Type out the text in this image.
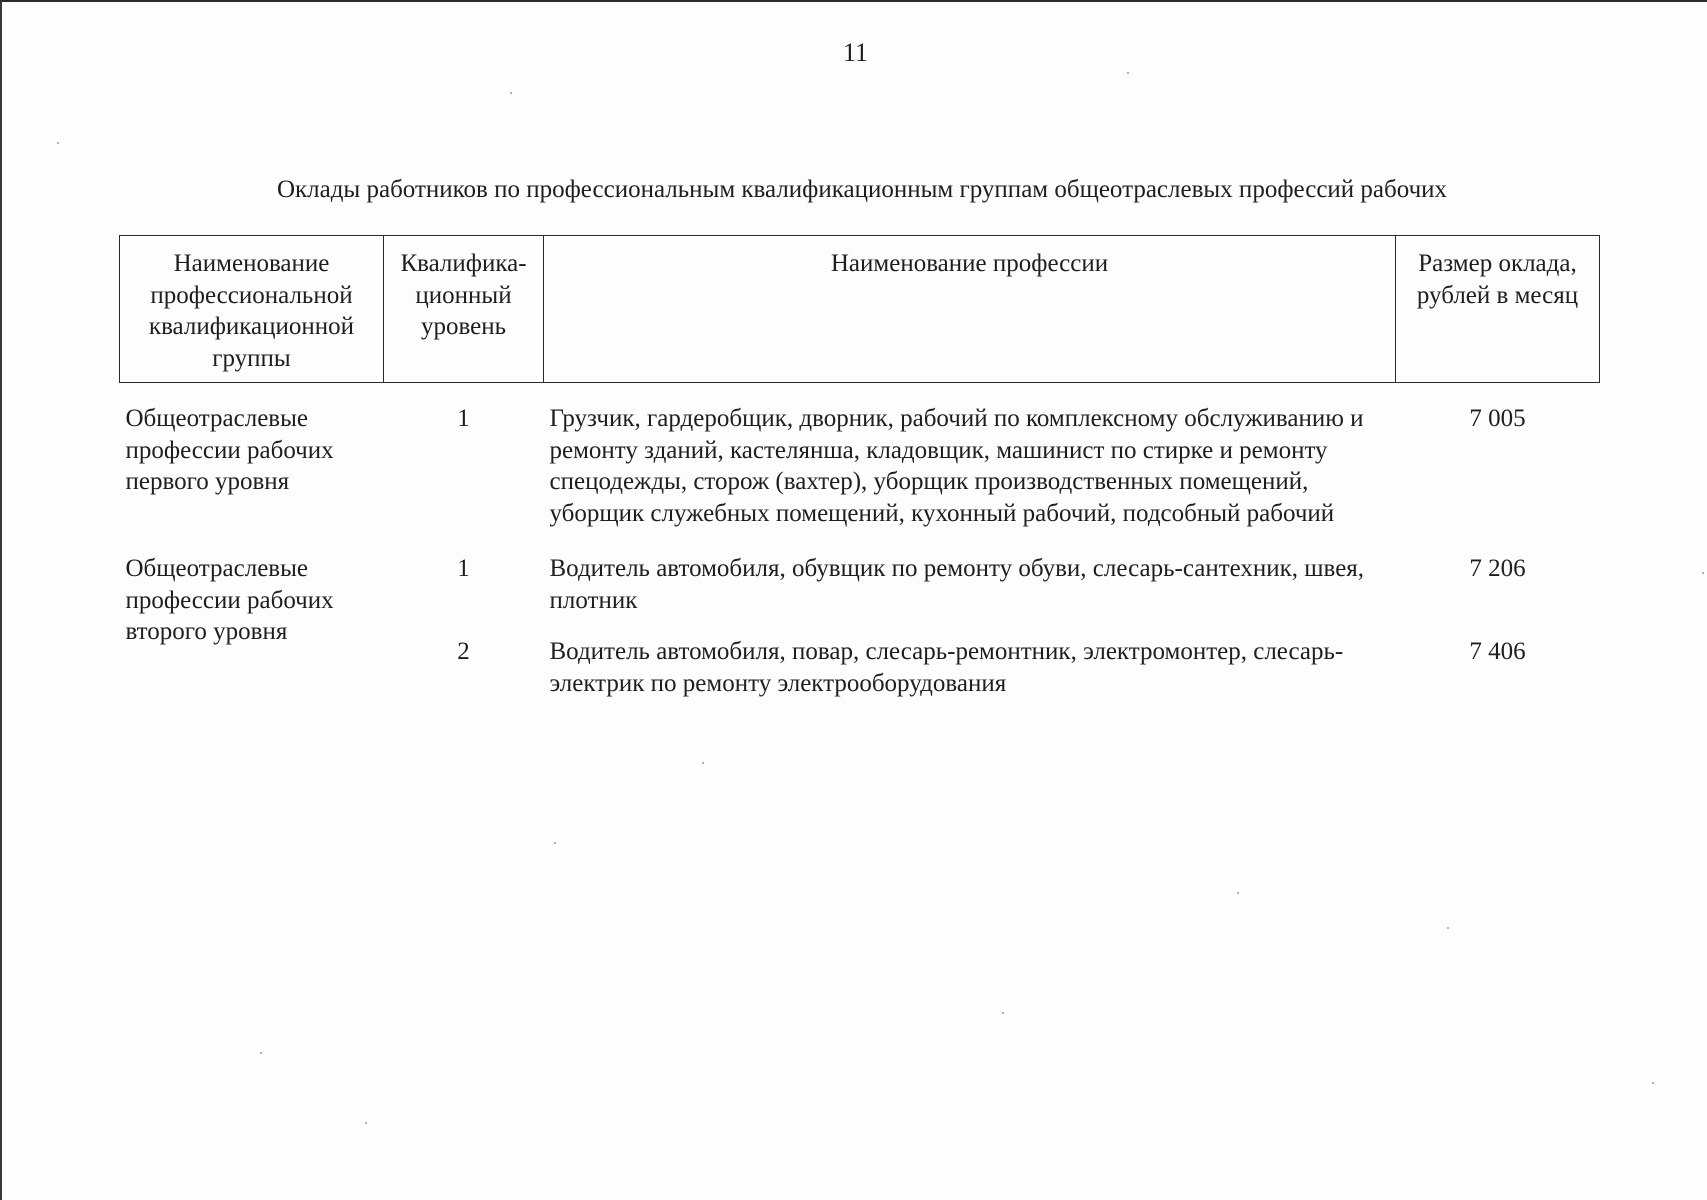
11
Оклады работников по профессиональным квалификационным группам общеотраслевых профессий рабочих
Наименование профессиональной квалификационной группы	Квалифика-ционный уровень	Наименование профессии	Размер оклада, рублей в месяц
Общеотраслевые профессии рабочих первого уровня	1	Грузчик, гардеробщик, дворник, рабочий по комплексному обслуживанию и ремонту зданий, кастелянша, кладовщик, машинист по стирке и ремонту спецодежды, сторож (вахтер), уборщик производственных помещений, уборщик служебных помещений, кухонный рабочий, подсобный рабочий	7 005
Общеотраслевые профессии рабочих второго уровня	1	Водитель автомобиля, обувщик по ремонту обуви, слесарь-сантехник, швея, плотник	7 206
	2	Водитель автомобиля, повар, слесарь-ремонтник, электромонтер, слесарь-электрик по ремонту электрооборудования	7 406
